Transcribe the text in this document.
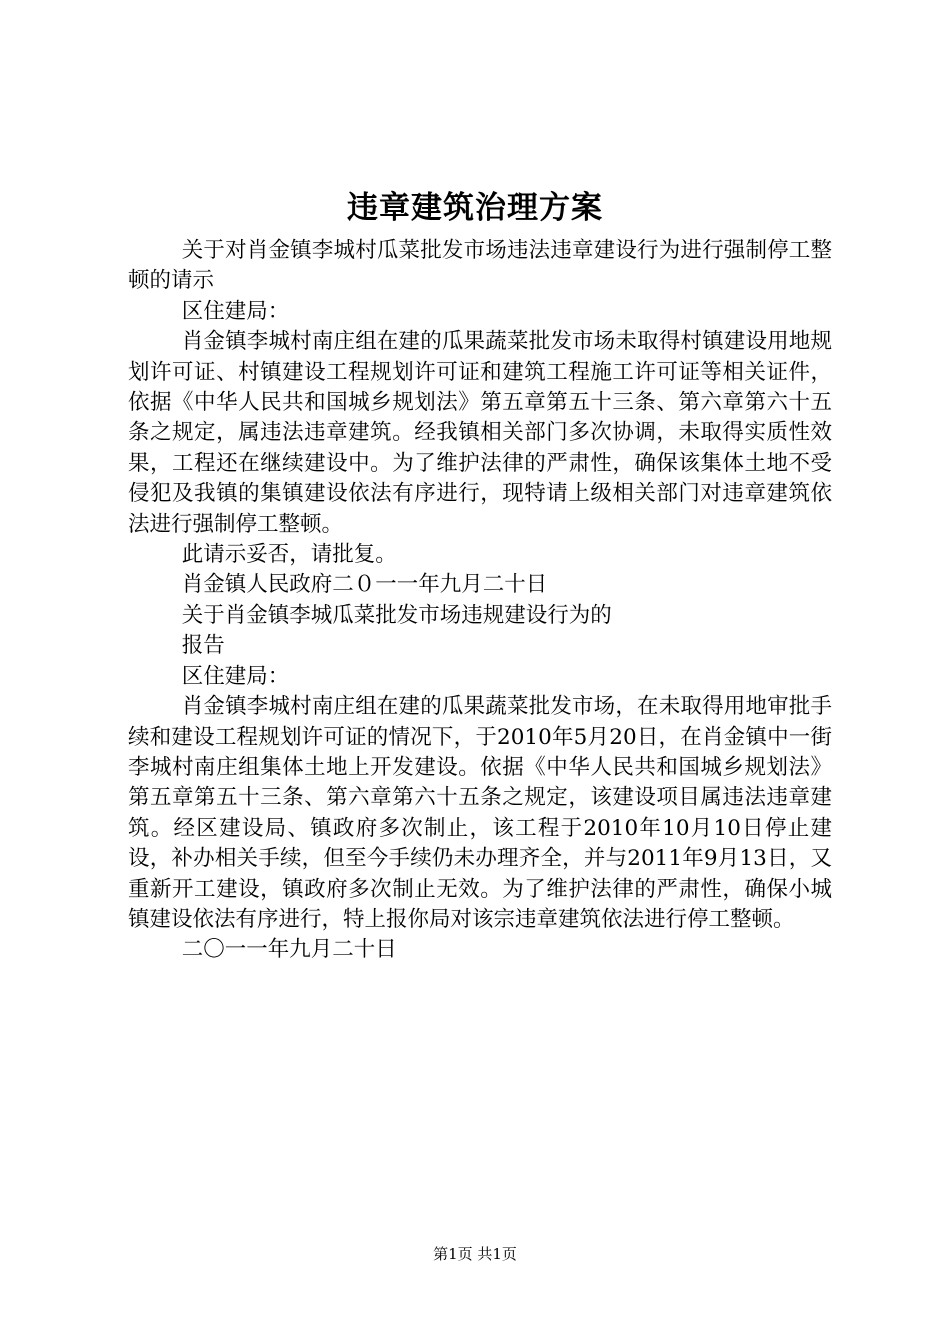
违章建筑治理方案

关于对肖金镇李城村瓜菜批发市场违法违章建设行为进行强制停工整顿的请示

区住建局：

肖金镇李城村南庄组在建的瓜果蔬菜批发市场未取得村镇建设用地规划许可证、村镇建设工程规划许可证和建筑工程施工许可证等相关证件，依据《中华人民共和国城乡规划法》第五章第五十三条、第六章第六十五条之规定，属违法违章建筑。经我镇相关部门多次协调，未取得实质性效果，工程还在继续建设中。为了维护法律的严肃性，确保该集体土地不受侵犯及我镇的集镇建设依法有序进行，现特请上级相关部门对违章建筑依法进行强制停工整顿。

此请示妥否，请批复。

肖金镇人民政府二０一一年九月二十日

关于肖金镇李城瓜菜批发市场违规建设行为的

报告

区住建局：

肖金镇李城村南庄组在建的瓜果蔬菜批发市场，在未取得用地审批手续和建设工程规划许可证的情况下，于2010年5月20日，在肖金镇中一街李城村南庄组集体土地上开发建设。依据《中华人民共和国城乡规划法》第五章第五十三条、第六章第六十五条之规定，该建设项目属违法违章建筑。经区建设局、镇政府多次制止，该工程于2010年10月10日停止建设，补办相关手续，但至今手续仍未办理齐全，并与2011年9月13日，又重新开工建设，镇政府多次制止无效。为了维护法律的严肃性，确保小城镇建设依法有序进行，特上报你局对该宗违章建筑依法进行停工整顿。

二〇一一年九月二十日

第1页 共1页
